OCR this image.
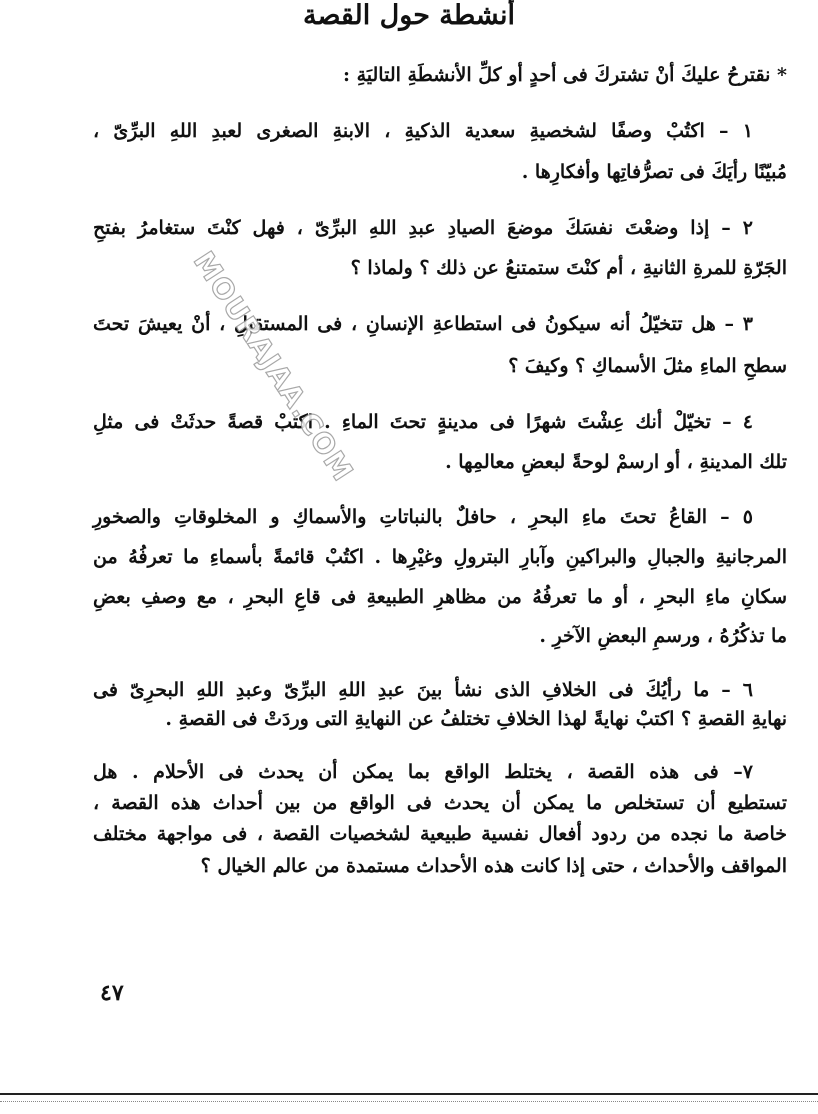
أنشطة حول القصة
* نقترحُ عليكَ أنْ تشتركَ فى أحدٍ أو كلِّ الأنشطَةِ التاليَةِ :
١ – اكتُبْ وصفًا لشخصيةِ سعدية الذكيةِ ، الابنةِ الصغرى لعبدِ اللهِ البرِّىّ ،
مُبيّنًا رأيَكَ فى تصرُّفاتِها وأفكارِها .
٢ – إذا وضعْتَ نفسَكَ موضعَ الصيادِ عبدِ اللهِ البرِّىّ ، فهل كنْتَ ستغامرُ بفتحِ
الجَرّةِ للمرةِ الثانيةِ ، أم كنْتَ ستمتنعُ عن ذلك ؟ ولماذا ؟
٣ – هل تتخيّلُ أنه سيكونُ فى استطاعةِ الإنسانِ ، فى المستقبلِ ، أنْ يعيشَ تحتَ
سطحِ الماءِ مثلَ الأسماكِ ؟ وكيفَ ؟
٤ – تخيّلْ أنك عِشْتَ شهرًا فى مدينةٍ تحتَ الماءِ . اكتبْ قصةً حدثَتْ فى مثلِ
تلك المدينةِ ، أو ارسمْ لوحةً لبعضِ معالمِها .
٥ – القاعُ تحتَ ماءِ البحرِ ، حافلٌ بالنباتاتِ والأسماكِ و المخلوقاتِ والصخورِ
المرجانيةِ والجبالِ والبراكينِ وآبارِ البترولِ وغيْرِها . اكتُبْ قائمةً بأسماءِ ما تعرفُهُ من
سكانِ ماءِ البحرِ ، أو ما تعرفُهُ من مظاهرِ الطبيعةِ فى قاعِ البحرِ ، مع وصفِ بعضِ
ما تذكُرُهُ ، ورسمِ البعضِ الآخرِ .
٦ – ما رأيُكَ فى الخلافِ الذى نشأ بينَ عبدِ اللهِ البرِّىّ وعبدِ اللهِ البحرِىّ فى
نهايةِ القصةِ ؟ اكتبْ نهايةً لهذا الخلافِ تختلفُ عن النهايةِ التى وردَتْ فى القصةِ .
٧– فى هذه القصة ، يختلط الواقع بما يمكن أن يحدث فى الأحلام . هل
تستطيع أن تستخلص ما يمكن أن يحدث فى الواقع من بين أحداث هذه القصة ،
خاصة ما نجده من ردود أفعال نفسية طبيعية لشخصيات القصة ، فى مواجهة مختلف
المواقف والأحداث ، حتى إذا كانت هذه الأحداث مستمدة من عالم الخيال ؟
MOURAJAA.COM
٤٧
